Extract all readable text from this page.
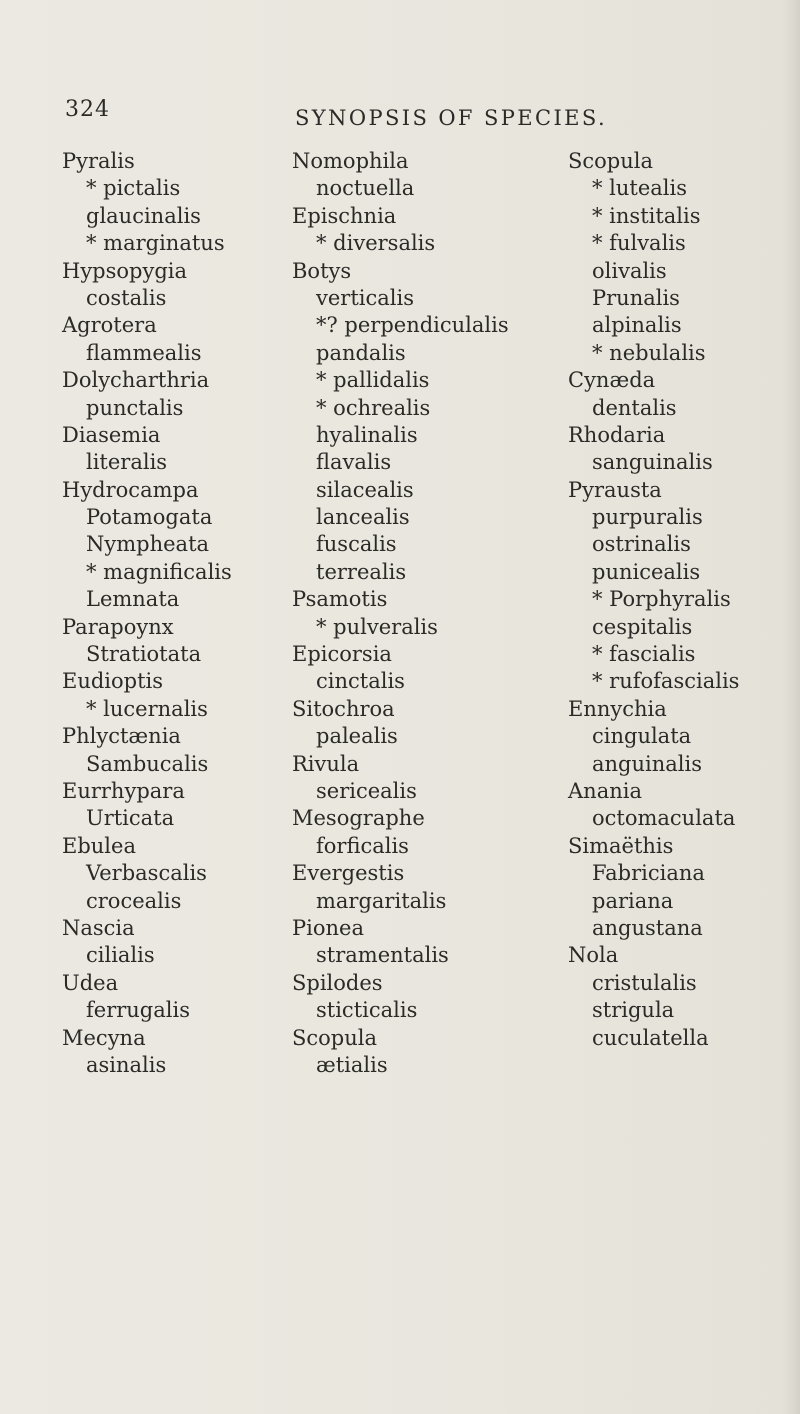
324	SYNOPSIS OF SPECIES.
Pyralis
* pictalis
glaucinalis
* marginatus
Hypsopygia
costalis
Agrotera
flammealis
Dolycharthria
punctalis
Diasemia
literalis
Hydrocampa
Potamogata
Nympheata
* magnificalis
Lemnata
Parapoynx
Stratiotata
Eudioptis
* lucernalis
Phlyctænia
Sambucalis
Eurrhypara
Urticata
Ebulea
Verbascalis
crocealis
Nascia
cilialis
Udea
ferrugalis
Mecyna
asinalis
Nomophila
noctuella
Epischnia
* diversalis
Botys
verticalis
*? perpendiculalis
pandalis
* pallidalis
* ochrealis
hyalinalis
flavalis
silacealis
lancealis
fuscalis
terrealis
Psamotis
* pulveralis
Epicorsia
cinctalis
Sitochroa
palealis
Rivula
sericealis
Mesographe
forficalis
Evergestis
margaritalis
Pionea
stramentalis
Spilodes
sticticalis
Scopula
ætialis
Scopula
* lutealis
* institalis
* fulvalis
olivalis
Prunalis
alpinalis
* nebulalis
Cynæda
dentalis
Rhodaria
sanguinalis
Pyrausta
purpuralis
ostrinalis
punicealis
* Porphyralis
cespitalis
* fascialis
* rufofascialis
Ennychia
cingulata
anguinalis
Anania
octomaculata
Simaëthis
Fabriciana
pariana
angustana
Nola
cristulalis
strigula
cuculatella
